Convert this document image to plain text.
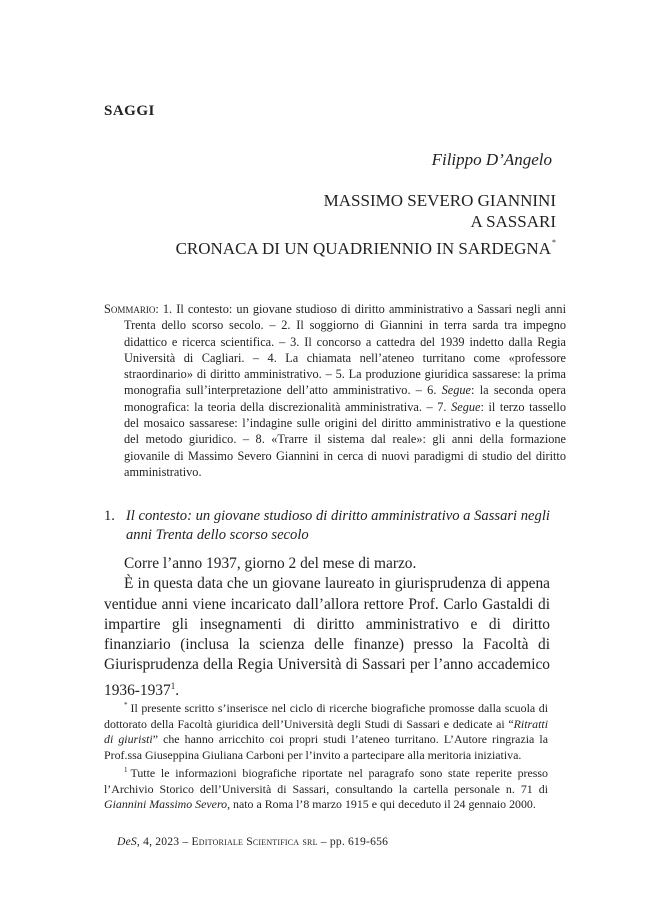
SAGGI
Filippo D’Angelo
MASSIMO SEVERO GIANNINI
A SASSARI
CRONACA DI UN QUADRIENNIO IN SARDEGNA*
Sommario: 1. Il contesto: un giovane studioso di diritto amministrativo a Sassari negli anni Trenta dello scorso secolo. – 2. Il soggiorno di Giannini in terra sarda tra impegno didattico e ricerca scientifica. – 3. Il concorso a cattedra del 1939 indetto dalla Regia Università di Cagliari. – 4. La chiamata nell’ateneo turritano come «professore straordinario» di diritto amministrativo. – 5. La produzione giuridica sassarese: la prima monografia sull’interpretazione dell’atto amministrativo. – 6. Segue: la seconda opera monografica: la teoria della discrezionalità amministrativa. – 7. Segue: il terzo tassello del mosaico sassarese: l’indagine sulle origini del diritto amministrativo e la questione del metodo giuridico. – 8. «Trarre il sistema dal reale»: gli anni della formazione giovanile di Massimo Severo Giannini in cerca di nuovi paradigmi di studio del diritto amministrativo.
1. Il contesto: un giovane studioso di diritto amministrativo a Sassari negli anni Trenta dello scorso secolo

Corre l’anno 1937, giorno 2 del mese di marzo.

È in questa data che un giovane laureato in giurisprudenza di appena ventidue anni viene incaricato dall’allora rettore Prof. Carlo Gastaldi di impartire gli insegnamenti di diritto amministrativo e di diritto finanziario (inclusa la scienza delle finanze) presso la Facoltà di Giurisprudenza della Regia Università di Sassari per l’anno accademico 1936-1937$^1$.

* Il presente scritto s’inserisce nel ciclo di ricerche biografiche promosse dalla scuola di dottorato della Facoltà giuridica dell’Università degli Studi di Sassari e dedicate ai “Ritratti di giuristi” che hanno arricchito coi propri studi l’ateneo turritano. L’Autore ringrazia la Prof.ssa Giuseppina Giuliana Carboni per l’invito a partecipare alla meritoria iniziativa.

$^1$ Tutte le informazioni biografiche riportate nel paragrafo sono state reperite presso l’Archivio Storico dell’Università di Sassari, consultando la cartella personale n. 71 di Giannini Massimo Severo, nato a Roma l’8 marzo 1915 e qui deceduto il 24 gennaio 2000.

DeS, 4, 2023 – Editoriale Scientifica srl – pp. 619-656
